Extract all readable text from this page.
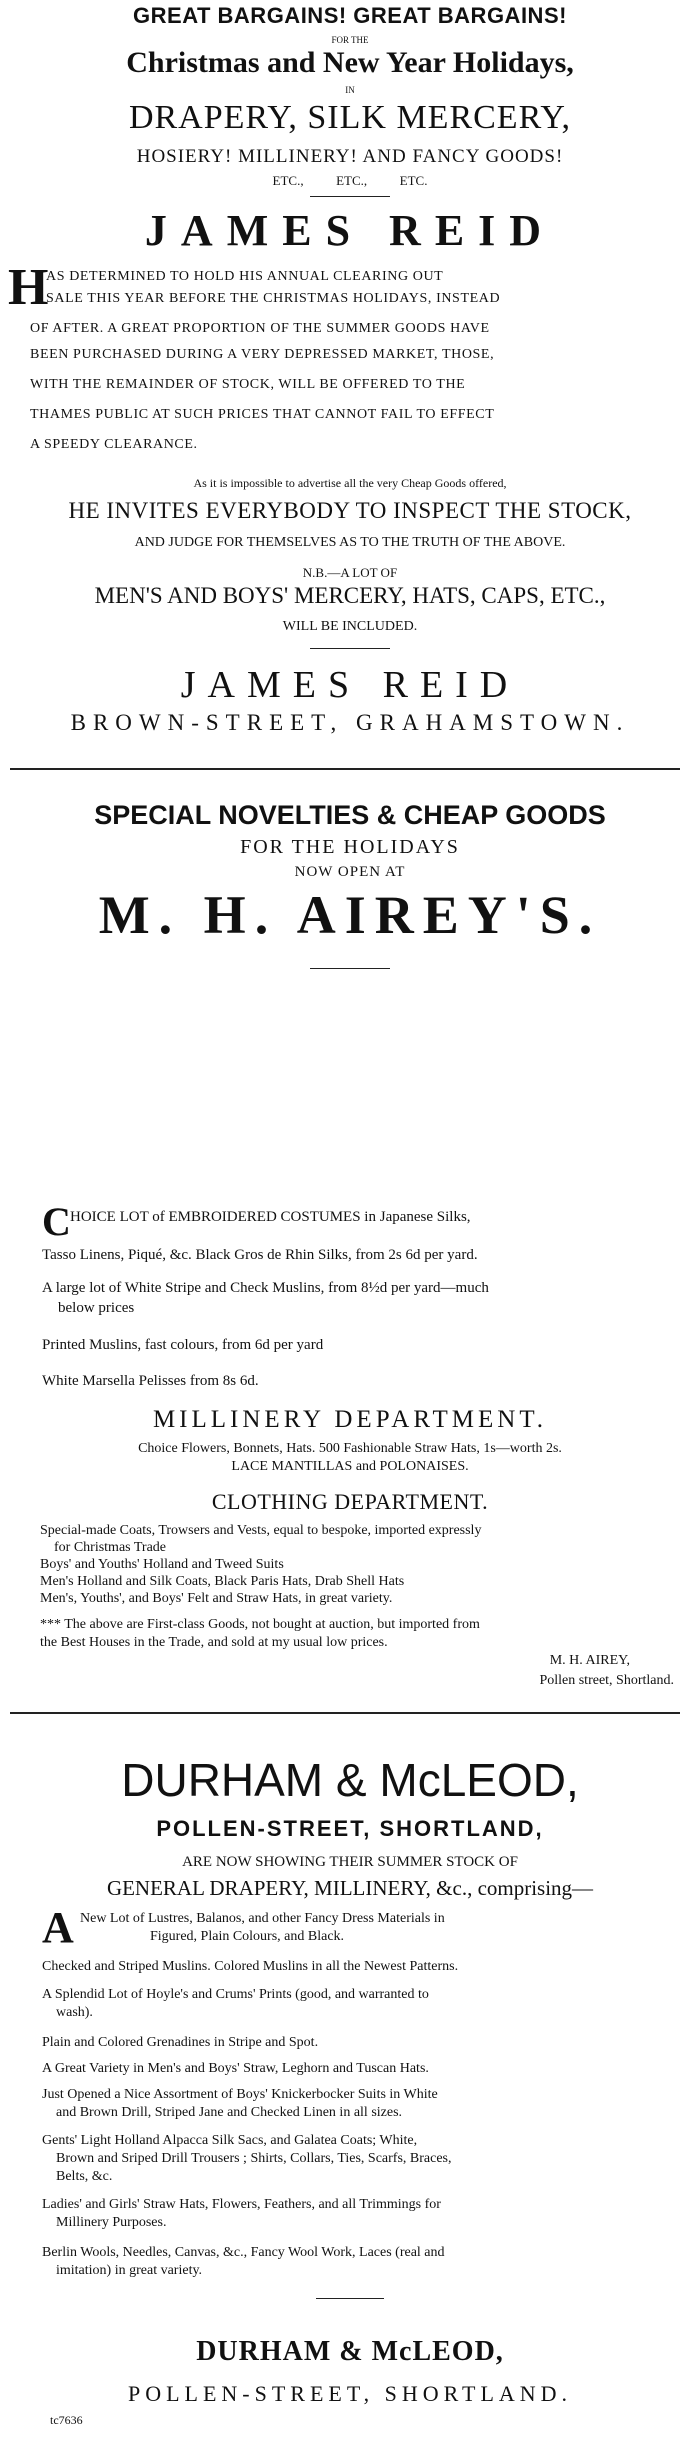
GREAT BARGAINS! GREAT BARGAINS!
FOR THE
Christmas and New Year Holidays,
IN
DRAPERY, SILK MERCERY,
HOSIERY! MILLINERY! AND FANCY GOODS!
ETC.,          ETC.,          ETC.
JAMES REID
H
AS DETERMINED TO HOLD HIS ANNUAL CLEARING OUT
SALE THIS YEAR BEFORE THE CHRISTMAS HOLIDAYS, INSTEAD
OF AFTER. A GREAT PROPORTION OF THE SUMMER GOODS HAVE
BEEN PURCHASED DURING A VERY DEPRESSED MARKET, THOSE,
WITH THE REMAINDER OF STOCK, WILL BE OFFERED TO THE
THAMES PUBLIC AT SUCH PRICES THAT CANNOT FAIL TO EFFECT
A SPEEDY CLEARANCE.
As it is impossible to advertise all the very Cheap Goods offered,
HE INVITES EVERYBODY TO INSPECT THE STOCK,
AND JUDGE FOR THEMSELVES AS TO THE TRUTH OF THE ABOVE.
N.B.—A LOT OF
MEN'S AND BOYS' MERCERY, HATS, CAPS, ETC.,
WILL BE INCLUDED.
JAMES REID
BROWN-STREET, GRAHAMSTOWN.
SPECIAL NOVELTIES & CHEAP GOODS
FOR THE HOLIDAYS
NOW OPEN AT
M. H. AIREY'S.
C HOICE LOT of EMBROIDERED COSTUMES in Japanese Silks,
Tasso Linens, Piqué, &c. Black Gros de Rhin Silks, from 2s 6d per yard.
A large lot of White Stripe and Check Muslins, from 8½d per yard—much
below prices
Printed Muslins, fast colours, from 6d per yard
White Marsella Pelisses from 8s 6d.
MILLINERY DEPARTMENT.
Choice Flowers, Bonnets, Hats. 500 Fashionable Straw Hats, 1s—worth 2s.
LACE MANTILLAS and POLONAISES.
CLOTHING DEPARTMENT.
Special-made Coats, Trowsers and Vests, equal to bespoke, imported expressly
for Christmas Trade
Boys' and Youths' Holland and Tweed Suits
Men's Holland and Silk Coats, Black Paris Hats, Drab Shell Hats
Men's, Youths', and Boys' Felt and Straw Hats, in great variety.
*** The above are First-class Goods, not bought at auction, but imported from
the Best Houses in the Trade, and sold at my usual low prices.
M. H. AIREY,
Pollen street, Shortland.
DURHAM & McLEOD,
POLLEN-STREET, SHORTLAND,
ARE NOW SHOWING THEIR SUMMER STOCK OF
GENERAL DRAPERY, MILLINERY, &c., comprising—
A New Lot of Lustres, Balanos, and other Fancy Dress Materials in
Figured, Plain Colours, and Black.
Checked and Striped Muslins. Colored Muslins in all the Newest Patterns.
A Splendid Lot of Hoyle's and Crums' Prints (good, and warranted to
wash).
Plain and Colored Grenadines in Stripe and Spot.
A Great Variety in Men's and Boys' Straw, Leghorn and Tuscan Hats.
Just Opened a Nice Assortment of Boys' Knickerbocker Suits in White
and Brown Drill, Striped Jane and Checked Linen in all sizes.
Gents' Light Holland Alpacca Silk Sacs, and Galatea Coats; White,
Brown and Sriped Drill Trousers ; Shirts, Collars, Ties, Scarfs, Braces,
Belts, &c.
Ladies' and Girls' Straw Hats, Flowers, Feathers, and all Trimmings for
Millinery Purposes.
Berlin Wools, Needles, Canvas, &c., Fancy Wool Work, Laces (real and
imitation) in great variety.
DURHAM & McLEOD,
POLLEN-STREET, SHORTLAND.
tc7636
